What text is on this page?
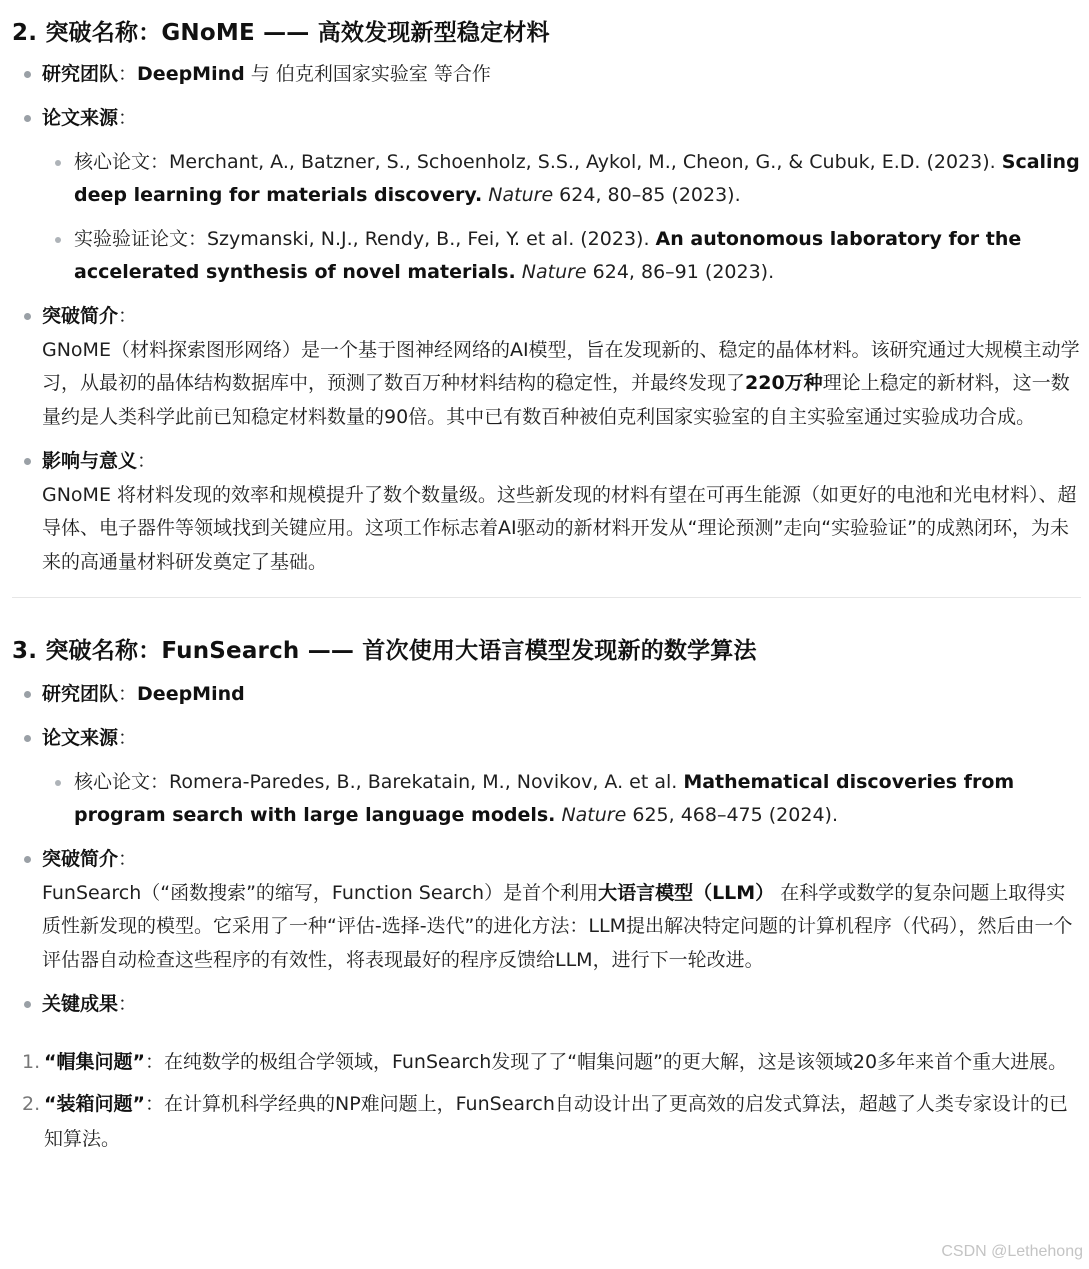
2. 突破名称：GNoME —— 高效发现新型稳定材料
研究团队：DeepMind 与 伯克利国家实验室 等合作
论文来源：
核心论文：Merchant, A., Batzner, S., Schoenholz, S.S., Aykol, M., Cheon, G., & Cubuk, E.D. (2023). Scaling deep learning for materials discovery. Nature 624, 80–85 (2023).
实验验证论文：Szymanski, N.J., Rendy, B., Fei, Y. et al. (2023). An autonomous laboratory for the accelerated synthesis of novel materials. Nature 624, 86–91 (2023).
突破简介：
GNoME（材料探索图形网络）是一个基于图神经网络的AI模型，旨在发现新的、稳定的晶体材料。该研究通过大规模主动学习，从最初的晶体结构数据库中，预测了数百万种材料结构的稳定性，并最终发现了220万种理论上稳定的新材料，这一数量约是人类科学此前已知稳定材料数量的90倍。其中已有数百种被伯克利国家实验室的自主实验室通过实验成功合成。
影响与意义：
GNoME 将材料发现的效率和规模提升了数个数量级。这些新发现的材料有望在可再生能源（如更好的电池和光电材料）、超导体、电子器件等领域找到关键应用。这项工作标志着AI驱动的新材料开发从“理论预测”走向“实验验证”的成熟闭环，为未来的高通量材料研发奠定了基础。
3. 突破名称：FunSearch —— 首次使用大语言模型发现新的数学算法
研究团队：DeepMind
论文来源：
核心论文：Romera-Paredes, B., Barekatain, M., Novikov, A. et al. Mathematical discoveries from program search with large language models. Nature 625, 468–475 (2024).
突破简介：
FunSearch（“函数搜索”的缩写，Function Search）是首个利用大语言模型（LLM） 在科学或数学的复杂问题上取得实质性新发现的模型。它采用了一种“评估-选择-迭代”的进化方法：LLM提出解决特定问题的计算机程序（代码），然后由一个评估器自动检查这些程序的有效性，将表现最好的程序反馈给LLM，进行下一轮改进。
关键成果：
1. “帽集问题”：在纯数学的极组合学领域，FunSearch发现了了“帽集问题”的更大解，这是该领域20多年来首个重大进展。
2. “装箱问题”：在计算机科学经典的NP难问题上，FunSearch自动设计出了更高效的启发式算法，超越了人类专家设计的已知算法。
CSDN @Lethehong
